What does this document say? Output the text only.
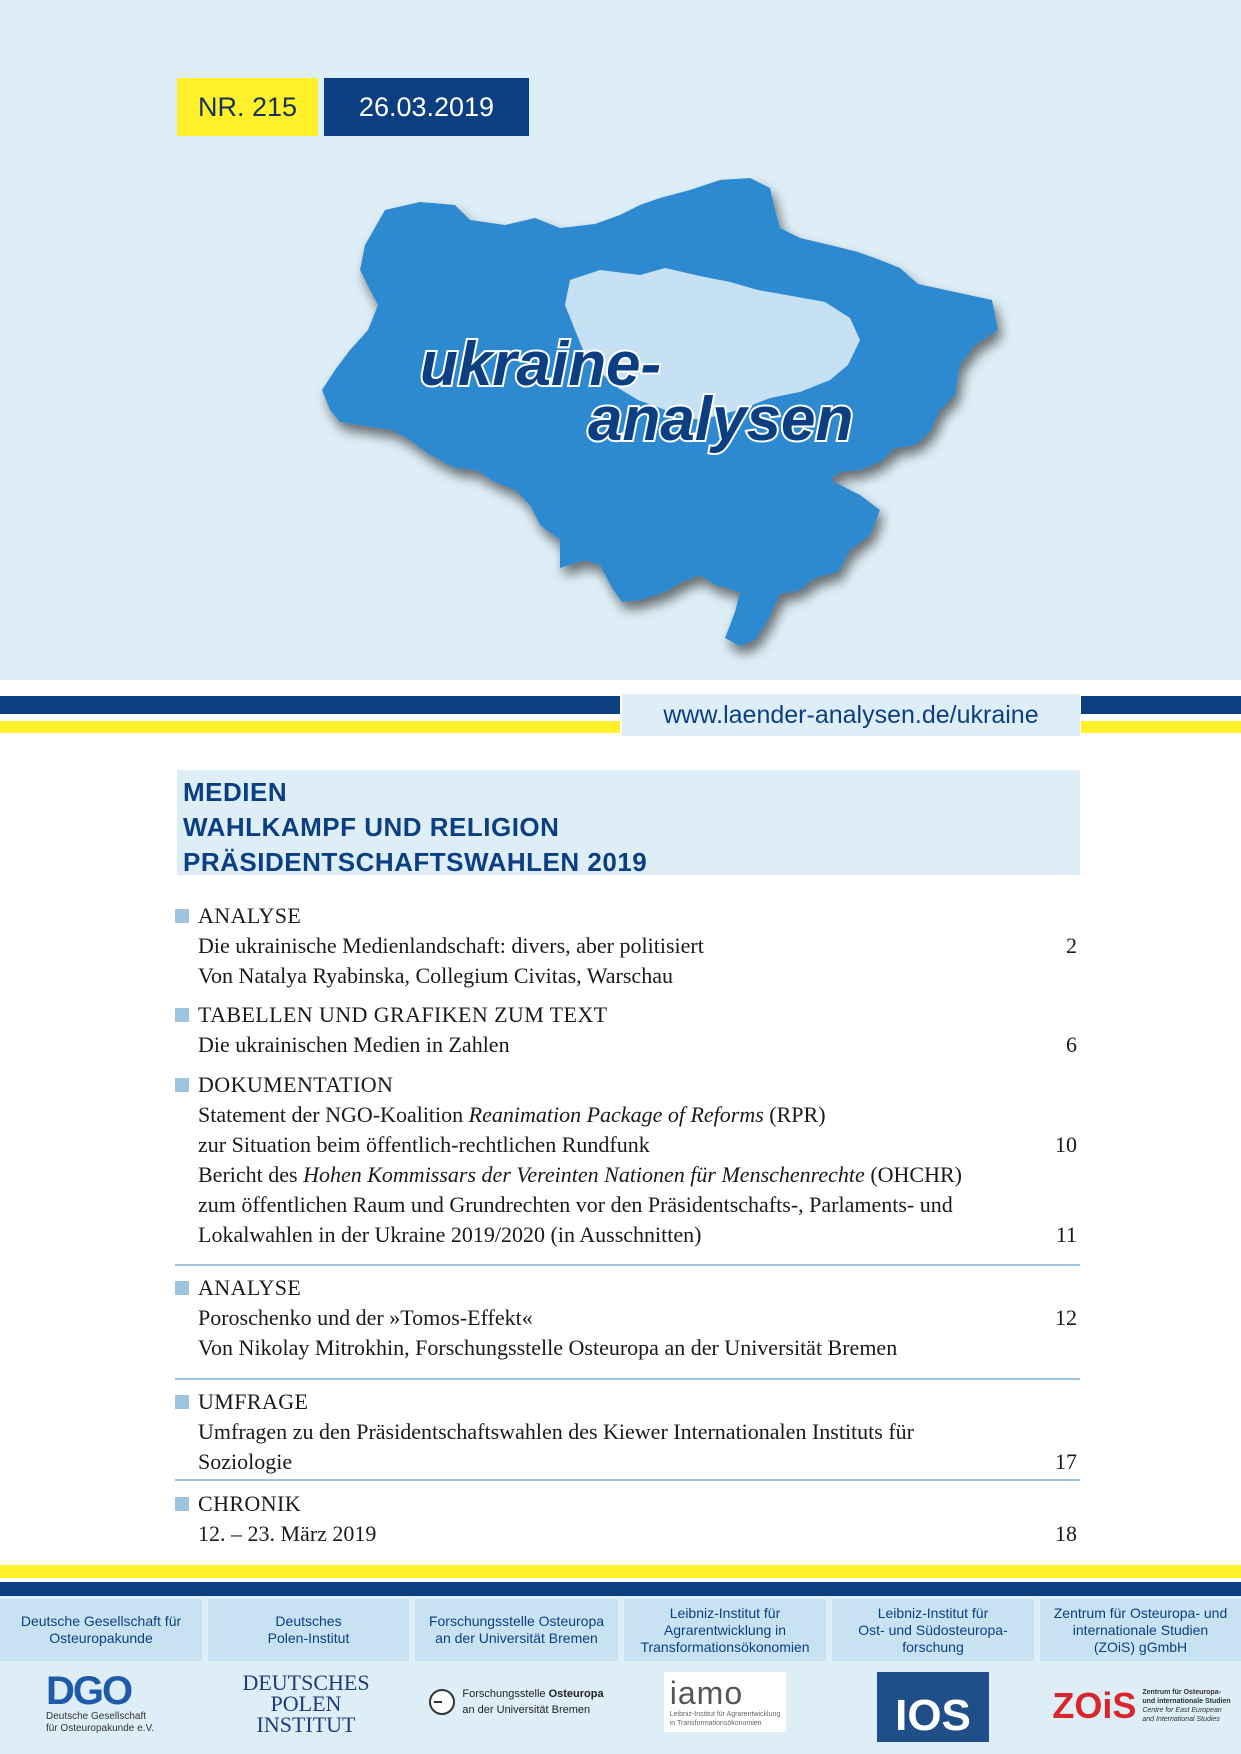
NR. 215	26.03.2019
ukraine-
analysen
www.laender-analysen.de/ukraine
MEDIEN
WAHLKAMPF UND RELIGION
PRÄSIDENTSCHAFTSWAHLEN 2019
ANALYSE
Die ukrainische Medienlandschaft: divers, aber politisiert	2
Von Natalya Ryabinska, Collegium Civitas, Warschau
TABELLEN UND GRAFIKEN ZUM TEXT
Die ukrainischen Medien in Zahlen	6
DOKUMENTATION
Statement der NGO-Koalition Reanimation Package of Reforms (RPR)
zur Situation beim öffentlich-rechtlichen Rundfunk	10
Bericht des Hohen Kommissars der Vereinten Nationen für Menschenrechte (OHCHR)
zum öffentlichen Raum und Grundrechten vor den Präsidentschafts-, Parlaments- und
Lokalwahlen in der Ukraine 2019/2020 (in Ausschnitten)	11
ANALYSE
Poroschenko und der »Tomos-Effekt«	12
Von Nikolay Mitrokhin, Forschungsstelle Osteuropa an der Universität Bremen
UMFRAGE
Umfragen zu den Präsidentschaftswahlen des Kiewer Internationalen Instituts für
Soziologie	17
CHRONIK
12. – 23. März 2019	18
Deutsche Gesellschaft für
Osteuropakunde
Deutsches
Polen-Institut
Forschungsstelle Osteuropa
an der Universität Bremen
Leibniz-Institut für
Agrarentwicklung in
Transformationsökonomien
Leibniz-Institut für
Ost- und Südosteuropa-
forschung
Zentrum für Osteuropa- und
internationale Studien
(ZOiS) gGmbH
DGO
Deutsche Gesellschaft
für Osteuropakunde e.V.
DEUTSCHES
POLEN
INSTITUT
Forschungsstelle Osteuropa
an der Universität Bremen	iamo
Leibniz-Institut für Agrarentwicklung
in Transformationsökonomien	IOS ZOiS Zentrum für Osteuropa-
und internationale Studien
Centre for East European
and International Studies
